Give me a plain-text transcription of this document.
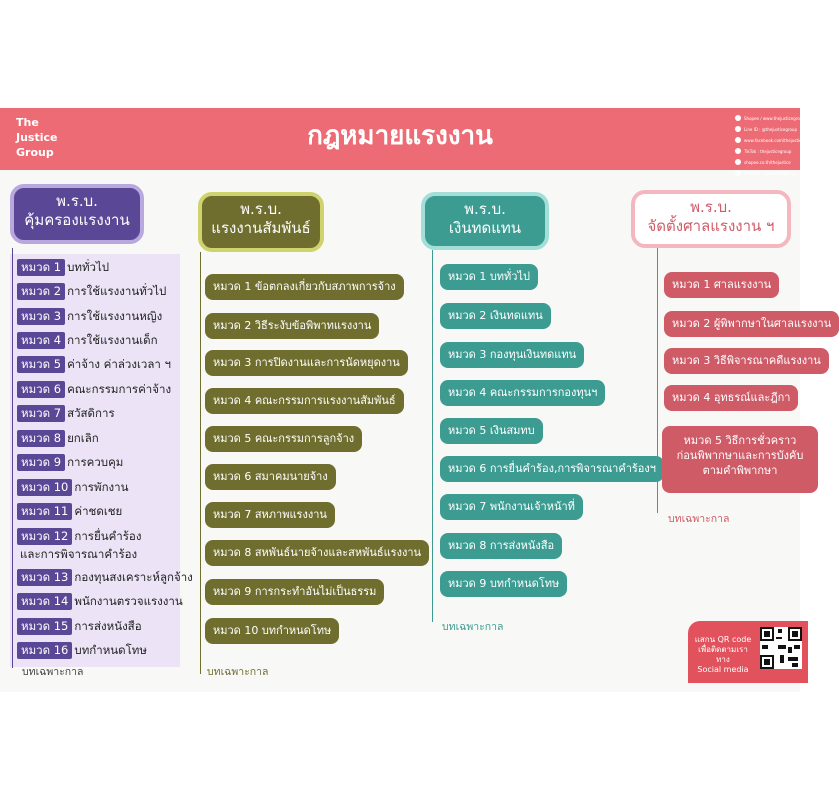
The
Justice
Group
กฎหมายแรงงาน
Shopee / www.thejusticegroup
Line ID : @thejusticegroup
www.facebook.com/thejustice
TikTok : thejusticegroup
shopee.co.th/thejustice
LAZADA : thejusticegroup
พ.ร.บ.
คุ้มครองแรงงาน
หมวด 1 บททั่วไป
หมวด 2 การใช้แรงงานทั่วไป
หมวด 3 การใช้แรงงานหญิง
หมวด 4 การใช้แรงงานเด็ก
หมวด 5 ค่าจ้าง ค่าล่วงเวลา ฯ
หมวด 6 คณะกรรมการค่าจ้าง
หมวด 7 สวัสดิการ
หมวด 8 ยกเลิก
หมวด 9 การควบคุม
หมวด 10 การพักงาน
หมวด 11 ค่าชดเชย
หมวด 12 การยื่นคำร้อง
และการพิจารณาคำร้อง
หมวด 13 กองทุนสงเคราะห์ลูกจ้าง
หมวด 14 พนักงานตรวจแรงงาน
หมวด 15 การส่งหนังสือ
หมวด 16 บทกำหนดโทษ
บทเฉพาะกาล
พ.ร.บ.
แรงงานสัมพันธ์
หมวด 1 ข้อตกลงเกี่ยวกับสภาพการจ้าง
หมวด 2 วิธีระงับข้อพิพาทแรงงาน
หมวด 3 การปิดงานและการนัดหยุดงาน
หมวด 4 คณะกรรมการแรงงานสัมพันธ์
หมวด 5 คณะกรรมการลูกจ้าง
หมวด 6 สมาคมนายจ้าง
หมวด 7 สหภาพแรงงาน
หมวด 8 สหพันธ์นายจ้างและสหพันธ์แรงงาน
หมวด 9 การกระทำอันไม่เป็นธรรม
หมวด 10 บทกำหนดโทษ
บทเฉพาะกาล
พ.ร.บ.
เงินทดแทน
หมวด 1 บททั่วไป
หมวด 2 เงินทดแทน
หมวด 3 กองทุนเงินทดแทน
หมวด 4 คณะกรรมการกองทุนฯ
หมวด 5 เงินสมทบ
หมวด 6 การยื่นคำร้อง,การพิจารณาคำร้องฯ
หมวด 7 พนักงานเจ้าหน้าที่
หมวด 8 การส่งหนังสือ
หมวด 9 บทกำหนดโทษ
บทเฉพาะกาล
พ.ร.บ.
จัดตั้งศาลแรงงาน ฯ
หมวด 1 ศาลแรงงาน
หมวด 2 ผู้พิพากษาในศาลแรงงาน
หมวด 3 วิธีพิจารณาคดีแรงงาน
หมวด 4 อุทธรณ์และฎีกา
หมวด 5 วิธีการชั่วคราว
ก่อนพิพากษาและการบังคับ
ตามคำพิพากษา
บทเฉพาะกาล
แสกน QR code
เพื่อติดตามเราทาง
Social media
